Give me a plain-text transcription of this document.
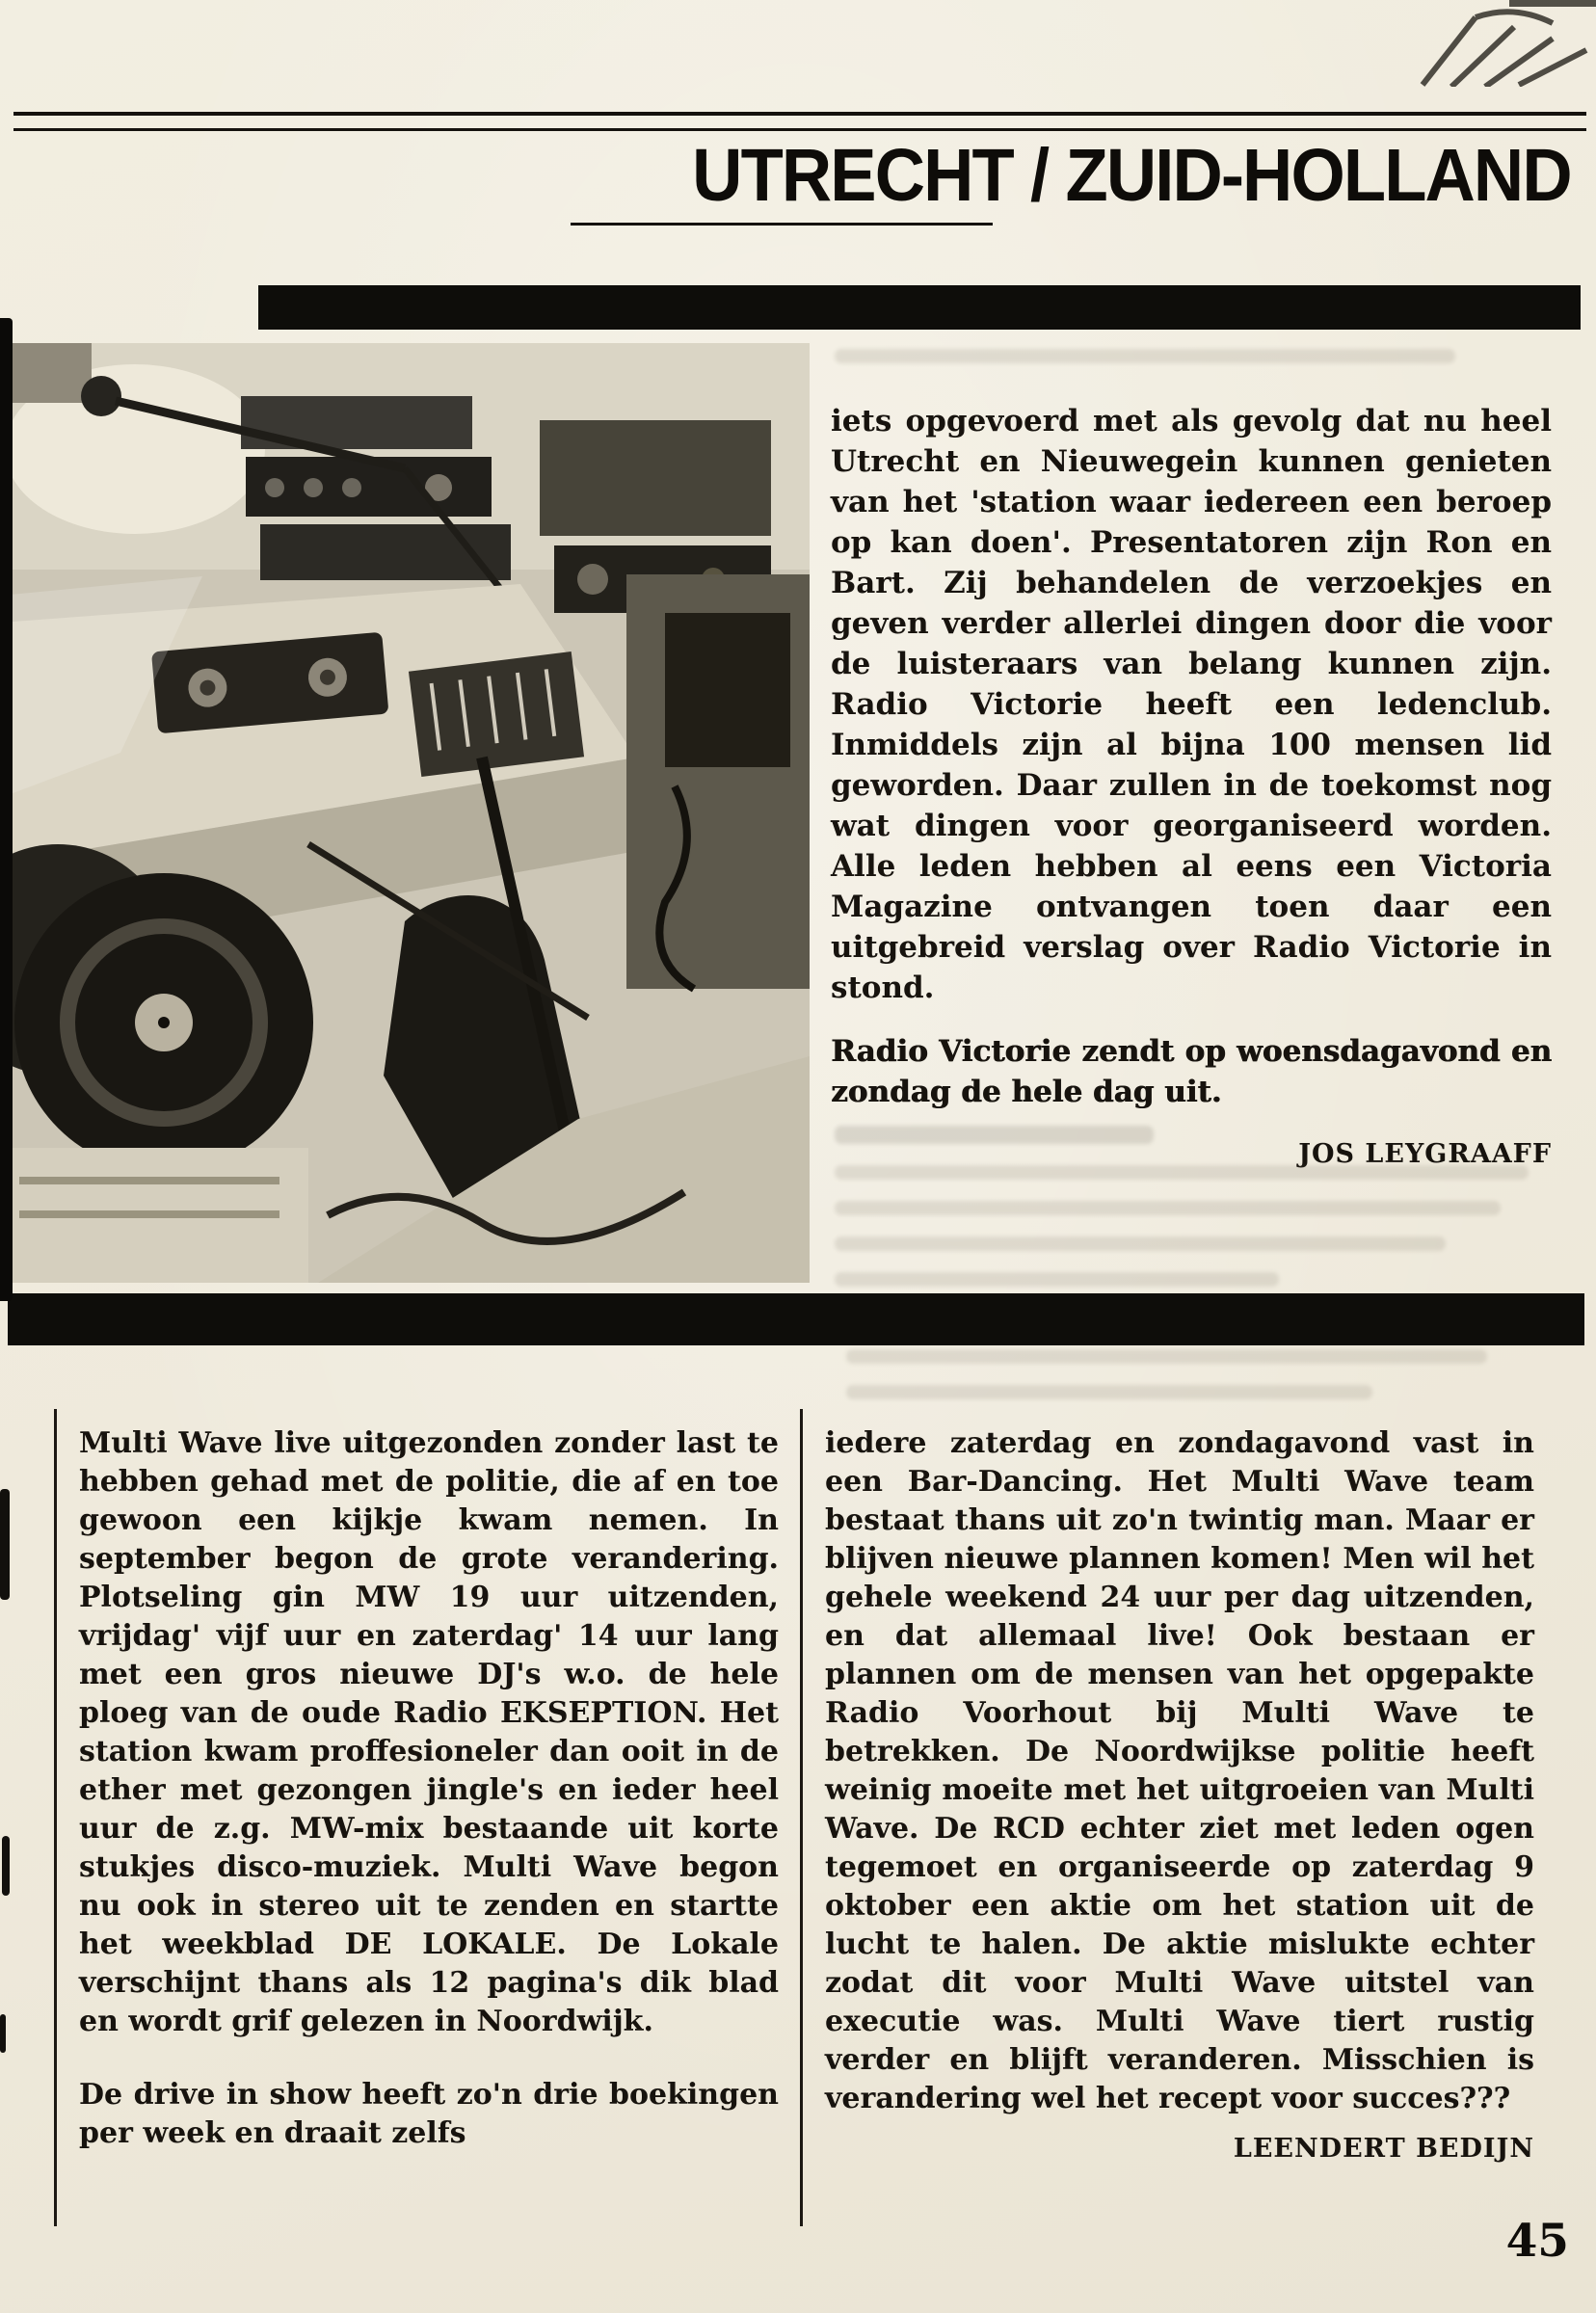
UTRECHT / ZUID-HOLLAND

iets opgevoerd met als gevolg dat nu heel Utrecht en Nieuwegein kunnen genieten van het 'station waar iedereen een beroep op kan doen'. Presentatoren zijn Ron en Bart. Zij behandelen de verzoekjes en geven verder allerlei dingen door die voor de luisteraars van belang kunnen zijn. Radio Victorie heeft een ledenclub. Inmiddels zijn al bijna 100 mensen lid geworden. Daar zullen in de toekomst nog wat dingen voor georganiseerd worden. Alle leden hebben al eens een Victoria Magazine ontvangen toen daar een uitgebreid verslag over Radio Victorie in stond.

Radio Victorie zendt op woensdagavond en zondag de hele dag uit.

JOS LEYGRAAFF

Multi Wave live uitgezonden zonder last te hebben gehad met de politie, die af en toe gewoon een kijkje kwam nemen. In september begon de grote verandering. Plotseling gin MW 19 uur uitzenden, vrijdag' vijf uur en zaterdag' 14 uur lang met een gros nieuwe DJ's w.o. de hele ploeg van de oude Radio EKSEPTION. Het station kwam proffesioneler dan ooit in de ether met gezongen jingle's en ieder heel uur de z.g. MW-mix bestaande uit korte stukjes disco-muziek. Multi Wave begon nu ook in stereo uit te zenden en startte het weekblad DE LOKALE. De Lokale verschijnt thans als 12 pagina's dik blad en wordt grif gelezen in Noordwijk.

De drive in show heeft zo'n drie boekingen per week en draait zelfs

iedere zaterdag en zondagavond vast in een Bar-Dancing. Het Multi Wave team bestaat thans uit zo'n twintig man. Maar er blijven nieuwe plannen komen! Men wil het gehele weekend 24 uur per dag uitzenden, en dat allemaal live! Ook bestaan er plannen om de mensen van het opgepakte Radio Voorhout bij Multi Wave te betrekken. De Noordwijkse politie heeft weinig moeite met het uitgroeien van Multi Wave. De RCD echter ziet met leden ogen tegemoet en organiseerde op zaterdag 9 oktober een aktie om het station uit de lucht te halen. De aktie mislukte echter zodat dit voor Multi Wave uitstel van executie was. Multi Wave tiert rustig verder en blijft veranderen. Misschien is verandering wel het recept voor succes???

LEENDERT BEDIJN

45
